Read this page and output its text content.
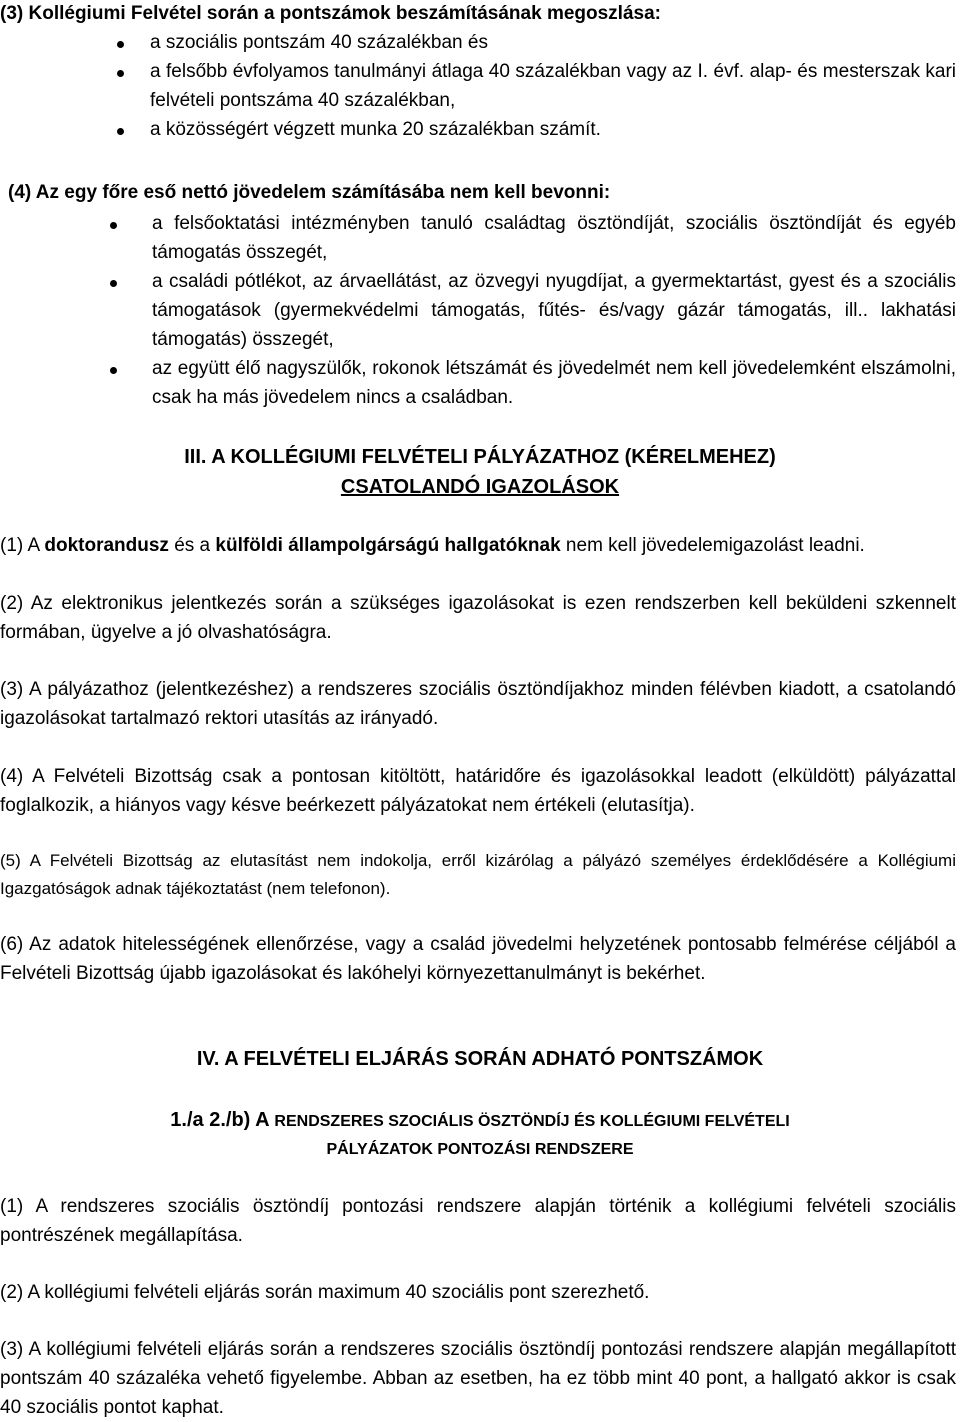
(3) Kollégiumi Felvétel során a pontszámok beszámításának megoszlása:

a szociális pontszám 40 százalékban és
a felsőbb évfolyamos tanulmányi átlaga 40 százalékban vagy az I. évf. alap- és mesterszak kari felvételi pontszáma 40 százalékban,
a közösségért végzett munka 20 százalékban számít.

(4) Az egy főre eső nettó jövedelem számításába nem kell bevonni:

a felsőoktatási intézményben tanuló családtag ösztöndíját, szociális ösztöndíját és egyéb támogatás összegét,
a családi pótlékot, az árvaellátást, az özvegyi nyugdíjat, a gyermektartást, gyest és a szociális támogatások (gyermekvédelmi támogatás, fűtés- és/vagy gázár támogatás, ill.. lakhatási támogatás) összegét,
az együtt élő nagyszülők, rokonok létszámát és jövedelmét nem kell jövedelemként elszámolni, csak ha más jövedelem nincs a családban.

III. A KOLLÉGIUMI FELVÉTELI PÁLYÁZATHOZ (KÉRELMEHEZ)

CSATOLANDÓ IGAZOLÁSOK

(1) A doktorandusz és a külföldi állampolgárságú hallgatóknak nem kell jövedelemigazolást leadni.

(2) Az elektronikus jelentkezés során a szükséges igazolásokat is ezen rendszerben kell beküldeni szkennelt formában, ügyelve a jó olvashatóságra.

(3) A pályázathoz (jelentkezéshez) a rendszeres szociális ösztöndíjakhoz minden félévben kiadott, a csatolandó igazolásokat tartalmazó rektori utasítás az irányadó.

(4) A Felvételi Bizottság csak a pontosan kitöltött, határidőre és igazolásokkal leadott (elküldött) pályázattal foglalkozik, a hiányos vagy késve beérkezett pályázatokat nem értékeli (elutasítja).

(5) A Felvételi Bizottság az elutasítást nem indokolja, erről kizárólag a pályázó személyes érdeklődésére a Kollégiumi Igazgatóságok adnak tájékoztatást (nem telefonon).

(6) Az adatok hitelességének ellenőrzése, vagy a család jövedelmi helyzetének pontosabb felmérése céljából a Felvételi Bizottság újabb igazolásokat és lakóhelyi környezettanulmányt is bekérhet.

IV. A FELVÉTELI ELJÁRÁS SORÁN ADHATÓ PONTSZÁMOK

1./a 2./b) A RENDSZERES SZOCIÁLIS ÖSZTÖNDÍJ ÉS KOLLÉGIUMI FELVÉTELI

PÁLYÁZATOK PONTOZÁSI RENDSZERE

(1) A rendszeres szociális ösztöndíj pontozási rendszere alapján történik a kollégiumi felvételi szociális pontrészének megállapítása.

(2) A kollégiumi felvételi eljárás során maximum 40 szociális pont szerezhető.

(3) A kollégiumi felvételi eljárás során a rendszeres szociális ösztöndíj pontozási rendszere alapján megállapított pontszám 40 százaléka vehető figyelembe. Abban az esetben, ha ez több mint 40 pont, a hallgató akkor is csak 40 szociális pontot kaphat.
